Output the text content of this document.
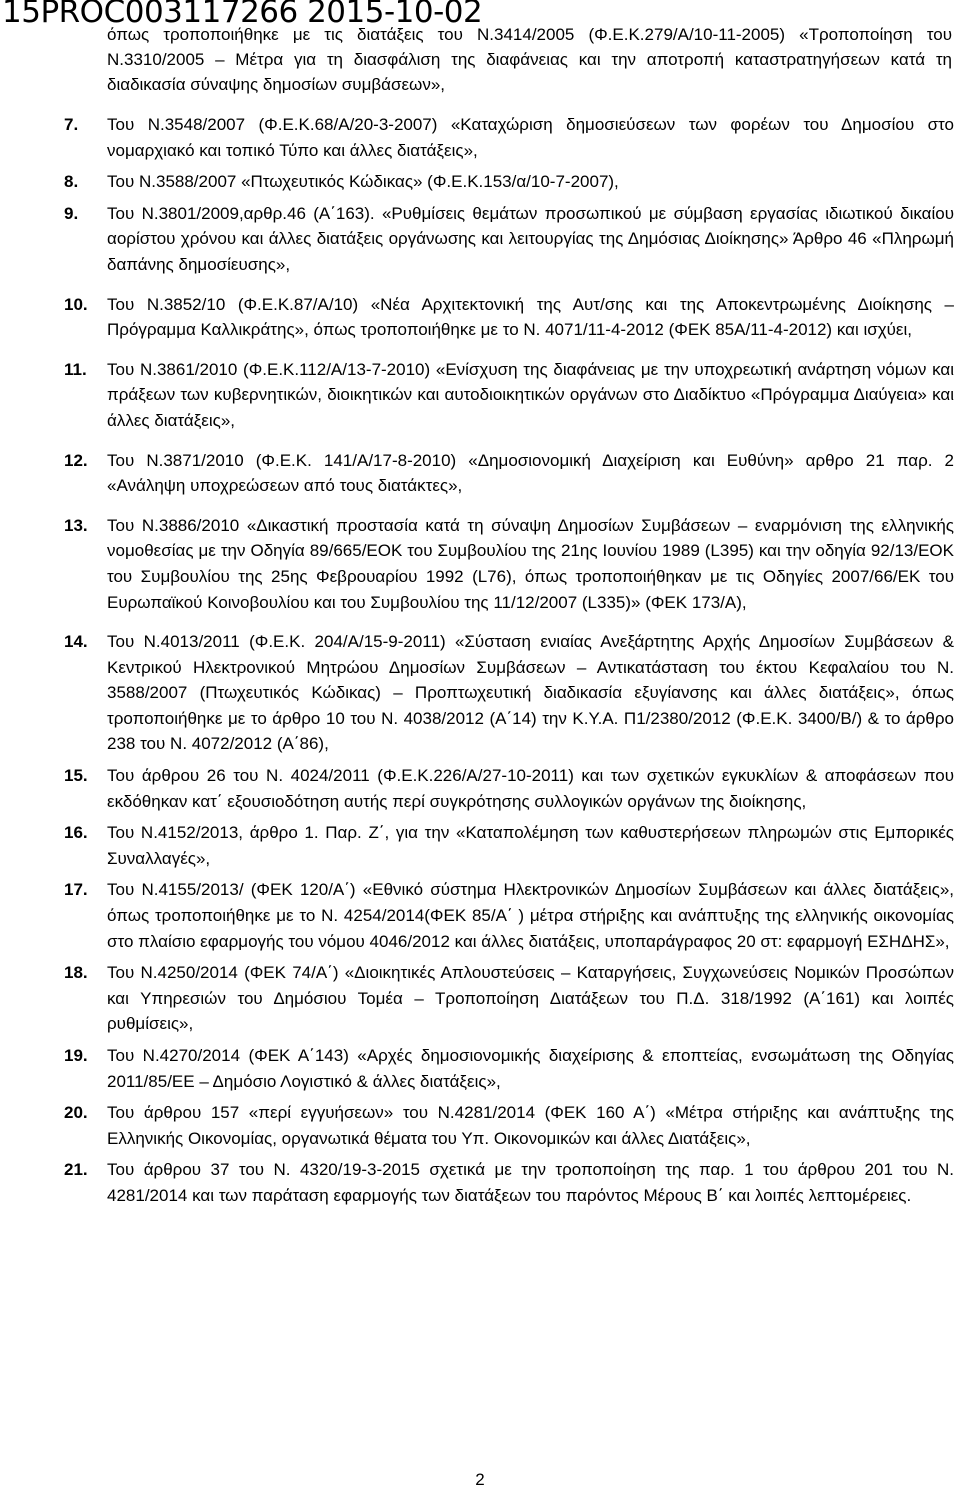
15PROC003117266 2015-10-02

όπως τροποποιήθηκε με τις διατάξεις του Ν.3414/2005 (Φ.Ε.Κ.279/Α/10-11-2005) «Τροποποίηση του Ν.3310/2005 – Μέτρα για τη διασφάλιση της διαφάνειας και την αποτροπή καταστρατηγήσεων κατά τη διαδικασία σύναψης δημοσίων συμβάσεων»,

7. Του Ν.3548/2007 (Φ.Ε.Κ.68/Α/20-3-2007) «Καταχώριση δημοσιεύσεων των φορέων του Δημοσίου στο νομαρχιακό και τοπικό Τύπο και άλλες διατάξεις»,
8. Του Ν.3588/2007 «Πτωχευτικός Κώδικας» (Φ.Ε.Κ.153/α/10-7-2007),
9. Του Ν.3801/2009,αρθρ.46 (Α΄163). «Ρυθμίσεις θεμάτων προσωπικού με σύμβαση εργασίας ιδιωτικού δικαίου αορίστου χρόνου και άλλες διατάξεις οργάνωσης και λειτουργίας της Δημόσιας Διοίκησης» Άρθρο 46 «Πληρωμή δαπάνης δημοσίευσης»,
10. Του Ν.3852/10 (Φ.Ε.Κ.87/Α/10) «Νέα Αρχιτεκτονική της Αυτ/σης και της Αποκεντρωμένης Διοίκησης – Πρόγραμμα Καλλικράτης», όπως τροποποιήθηκε με το Ν. 4071/11-4-2012 (ΦΕΚ 85Α/11-4-2012) και ισχύει,
11. Του Ν.3861/2010 (Φ.Ε.Κ.112/Α/13-7-2010) «Ενίσχυση της διαφάνειας με την υποχρεωτική ανάρτηση νόμων και πράξεων των κυβερνητικών, διοικητικών και αυτοδιοικητικών οργάνων στο Διαδίκτυο «Πρόγραμμα Διαύγεια» και άλλες διατάξεις»,
12. Του Ν.3871/2010 (Φ.Ε.Κ. 141/Α/17-8-2010) «Δημοσιονομική Διαχείριση και Ευθύνη» αρθρο 21 παρ. 2 «Ανάληψη υποχρεώσεων από τους διατάκτες»,
13. Του Ν.3886/2010 «Δικαστική προστασία κατά τη σύναψη Δημοσίων Συμβάσεων – εναρμόνιση της ελληνικής νομοθεσίας με την Οδηγία 89/665/ΕΟΚ του Συμβουλίου της 21ης Ιουνίου 1989 (L395) και την οδηγία 92/13/ΕΟΚ του Συμβουλίου της 25ης Φεβρουαρίου 1992 (L76), όπως τροποποιήθηκαν με τις Οδηγίες 2007/66/ΕΚ του Ευρωπαϊκού Κοινοβουλίου και του Συμβουλίου της 11/12/2007 (L335)» (ΦΕΚ 173/Α),
14. Του Ν.4013/2011 (Φ.Ε.Κ. 204/Α/15-9-2011) «Σύσταση ενιαίας Ανεξάρτητης Αρχής Δημοσίων Συμβάσεων & Κεντρικού Ηλεκτρονικού Μητρώου Δημοσίων Συμβάσεων – Αντικατάσταση του έκτου Κεφαλαίου του Ν. 3588/2007 (Πτωχευτικός Κώδικας) – Προπτωχευτική διαδικασία εξυγίανσης και άλλες διατάξεις», όπως τροποποιήθηκε με το άρθρο 10 του Ν. 4038/2012 (Α΄14) την Κ.Υ.Α. Π1/2380/2012 (Φ.Ε.Κ. 3400/Β/) & το άρθρο 238 του Ν. 4072/2012 (Α΄86),
15. Του άρθρου 26 του Ν. 4024/2011 (Φ.Ε.Κ.226/Α/27-10-2011) και των σχετικών εγκυκλίων & αποφάσεων που εκδόθηκαν κατ΄ εξουσιοδότηση αυτής περί συγκρότησης συλλογικών οργάνων της διοίκησης,
16. Του Ν.4152/2013, άρθρο 1. Παρ. Ζ΄, για την «Καταπολέμηση των καθυστερήσεων πληρωμών στις Εμπορικές Συναλλαγές»,
17. Του Ν.4155/2013/ (ΦΕΚ 120/Α΄) «Εθνικό σύστημα Ηλεκτρονικών Δημοσίων Συμβάσεων και άλλες διατάξεις», όπως τροποποιήθηκε με το Ν. 4254/2014(ΦΕΚ 85/Α΄ ) μέτρα στήριξης και ανάπτυξης της ελληνικής οικονομίας στο πλαίσιο εφαρμογής του νόμου 4046/2012 και άλλες διατάξεις, υποπαράγραφος 20 στ: εφαρμογή ΕΣΗΔΗΣ»,
18. Του Ν.4250/2014 (ΦΕΚ 74/Α΄) «Διοικητικές Απλουστεύσεις – Καταργήσεις, Συγχωνεύσεις Νομικών Προσώπων και Υπηρεσιών του Δημόσιου Τομέα – Τροποποίηση Διατάξεων του Π.Δ. 318/1992 (Α΄161) και λοιπές ρυθμίσεις»,
19. Του Ν.4270/2014 (ΦΕΚ Α΄143) «Αρχές δημοσιονομικής διαχείρισης & εποπτείας, ενσωμάτωση της Οδηγίας 2011/85/ΕΕ – Δημόσιο Λογιστικό & άλλες διατάξεις»,
20. Του άρθρου 157 «περί εγγυήσεων» του Ν.4281/2014 (ΦΕΚ 160 Α΄) «Μέτρα στήριξης και ανάπτυξης της Ελληνικής Οικονομίας, οργανωτικά θέματα του Υπ. Οικονομικών και άλλες Διατάξεις»,
21. Του άρθρου 37 του Ν. 4320/19-3-2015 σχετικά με την τροποποίηση της παρ. 1 του άρθρου 201 του Ν. 4281/2014 και των παράταση εφαρμογής των διατάξεων του παρόντος Μέρους Β΄ και λοιπές λεπτομέρειες.
2
